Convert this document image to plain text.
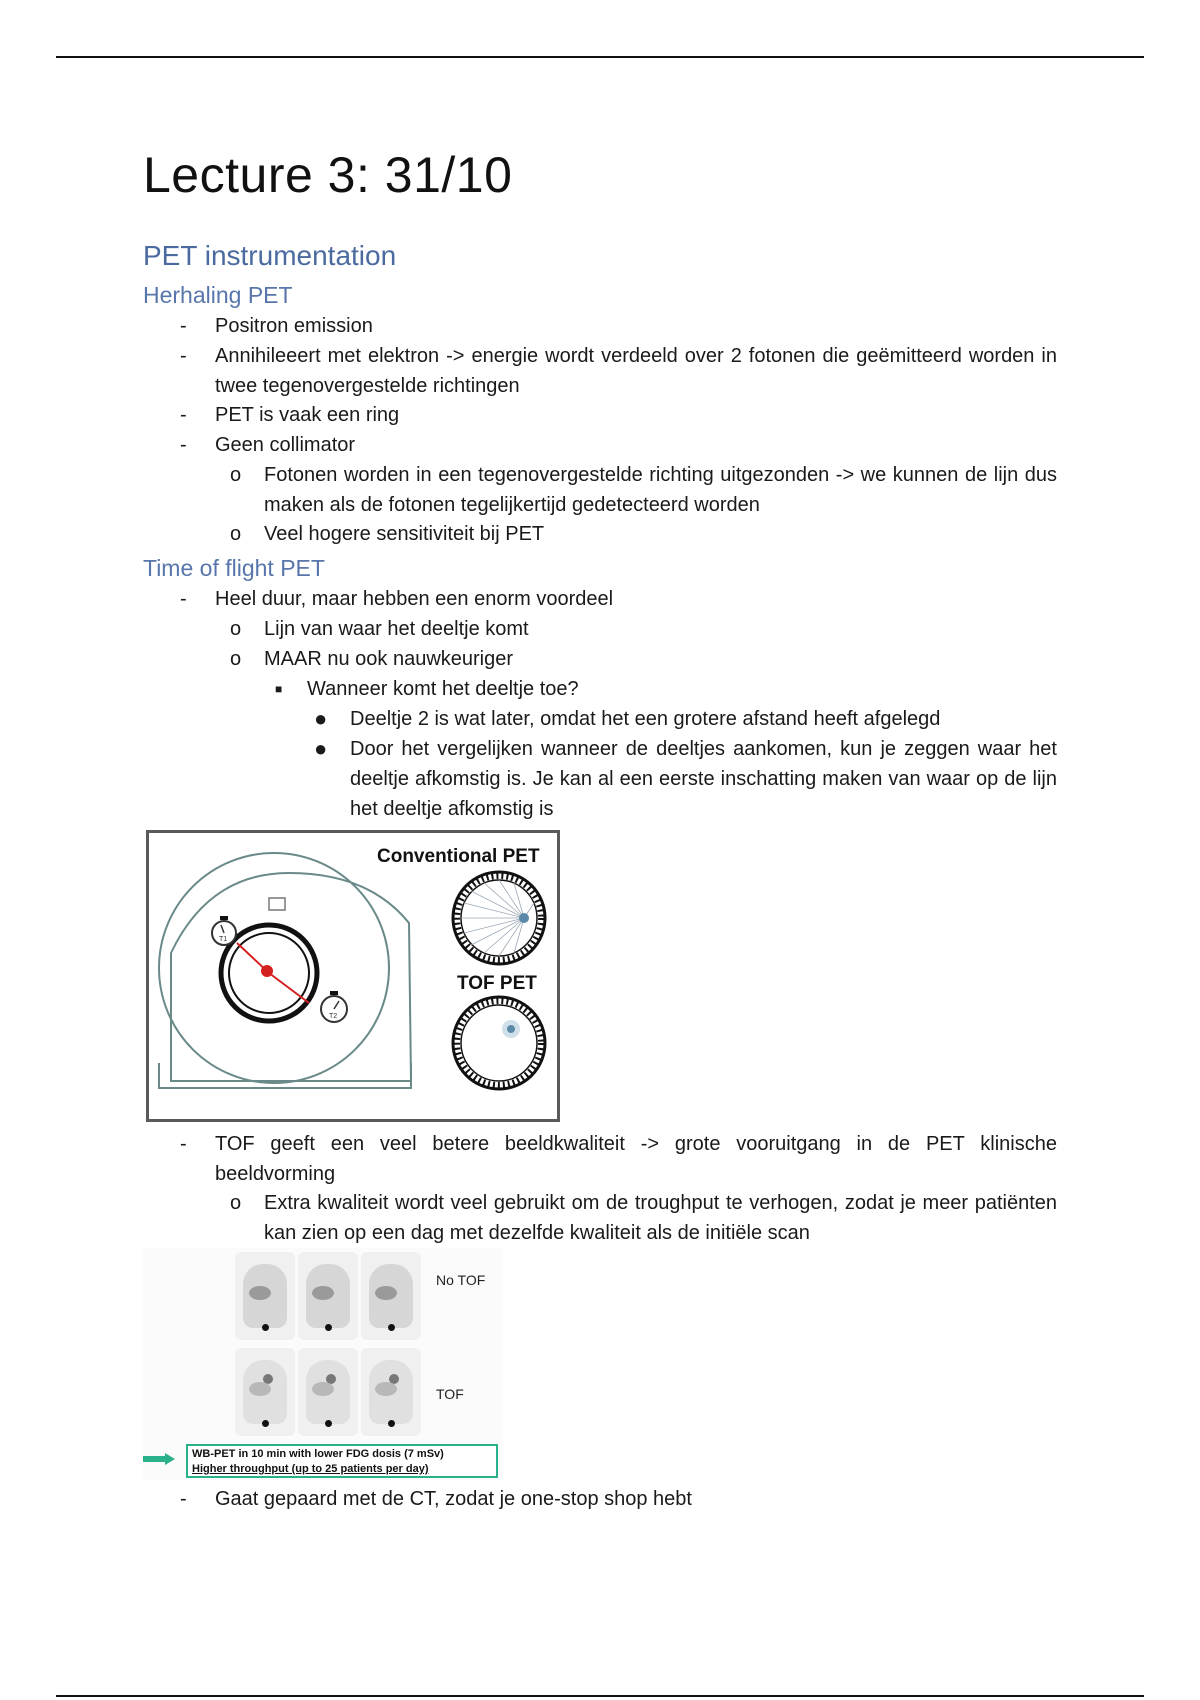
Lecture 3: 31/10
PET instrumentation
Herhaling PET
- Positron emission
- Annihileeert met elektron -> energie wordt verdeeld over 2 fotonen die geëmitteerd worden in twee tegenovergestelde richtingen
- PET is vaak een ring
- Geen collimator
o Fotonen worden in een tegenovergestelde richting uitgezonden -> we kunnen de lijn dus maken als de fotonen tegelijkertijd gedetecteerd worden
o Veel hogere sensitiviteit bij PET
Time of flight PET
- Heel duur, maar hebben een enorm voordeel
o Lijn van waar het deeltje komt
o MAAR nu ook nauwkeuriger
■ Wanneer komt het deeltje toe?
● Deeltje 2 is wat later, omdat het een grotere afstand heeft afgelegd
● Door het vergelijken wanneer de deeltjes aankomen, kun je zeggen waar het deeltje afkomstig is. Je kan al een eerste inschatting maken van waar op de lijn het deeltje afkomstig is
T1
T2
Conventional PET
TOF PET
- TOF geeft een veel betere beeldkwaliteit -> grote vooruitgang in de PET klinische beeldvorming
o Extra kwaliteit wordt veel gebruikt om de troughput te verhogen, zodat je meer patiënten kan zien op een dag met dezelfde kwaliteit als de initiële scan
No TOF
TOF
WB-PET in 10 min with lower FDG dosis (7 mSv)
Higher throughput (up to 25 patients per day)
- Gaat gepaard met de CT, zodat je one-stop shop hebt
